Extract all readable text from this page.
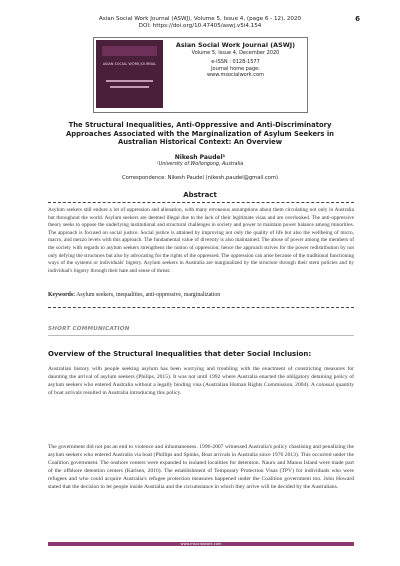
Asian Social Work Journal (ASWJ), Volume 5, Issue 4, (page 6 - 12), 2020
DOI: https://doi.org/10.47405/aswj.v5i4.154
6
ASIAN SOCIAL WORK JOURNAL
Asian Social Work Journal (ASWJ)
Volume 5, Issue 4, December 2020
e-ISSN : 0128-1577
Journal home page:
www.msocialwork.com
The Structural Inequalities, Anti-Oppressive and Anti-Discriminatory Approaches Associated with the Marginalization of Asylum Seekers in Australian Historical Context: An Overview
Nikesh Paudel¹
¹University of Wollongong, Australia
Correspondence: Nikesh Paudel (nikesh.paudel@gmail.com)
Abstract
Asylum seekers still endure a lot of oppression and alienation, with many erroneous assumptions about them circulating not only in Australia but throughout the world. Asylum seekers are deemed illegal due to the lack of their legitimate visas and are overlooked. The anti-oppressive theory seeks to oppose the underlying institutional and structural challenges in society and power to maintain power balance among minorities. The approach is focused on social justice. Social justice is attained by improving not only the quality of life but also the wellbeing of micro, macro, and mezzo levels with this approach. The fundamental value of diversity is also maintained. The abuse of power among the members of the society with regards to asylum seekers strengthens the notion of oppression; hence the approach strives for the power redistribution by not only defying the structures but also by advocating for the rights of the oppressed. The oppression can arise because of the traditional functioning ways of the systems or individuals' bigotry. Asylum seekers in Australia are marginalized by the structure through their stern policies and by individual's bigotry through their hate and sense of threat.
Keywords: Asylum seekers, inequalities, anti-oppressive, marginalization
SHORT COMMUNICATION
Overview of the Structural Inequalities that deter Social Inclusion:
Australian history with people seeking asylum has been worrying and troubling with the enactment of constricting measures for daunting the arrival of asylum seekers (Philips, 2015). It was not until 1992 where Australia enacted the obligatory detaining policy of asylum seekers who entered Australia without a legally binding visa (Australian Human Rights Commission, 2004). A colossal quantity of boat arrivals resulted in Australia introducing this policy.
The government did not put an end to violence and inhumaneness. 1996-2007 witnessed Australia's policy chastising and penalizing the asylum seekers who entered Australia via boat (Phillips and Spinks, Boat arrivals in Australia since 1976 2013). This occurred under the Coalition government. The onshore centers were expanded to isolated localities for detention. Nauru and Manus Island were made part of the offshore detention centers (Karlsen, 2016). The establishment of Temporary Protection Visas (TPV) for individuals who were refugees and who could acquire Australia's refugee protection measures happened under the Coalition government too. John Howard stated that the decision to let people inside Australia and the circumstance in which they arrive will be decided by the Australians.
www.msocialwork.com
